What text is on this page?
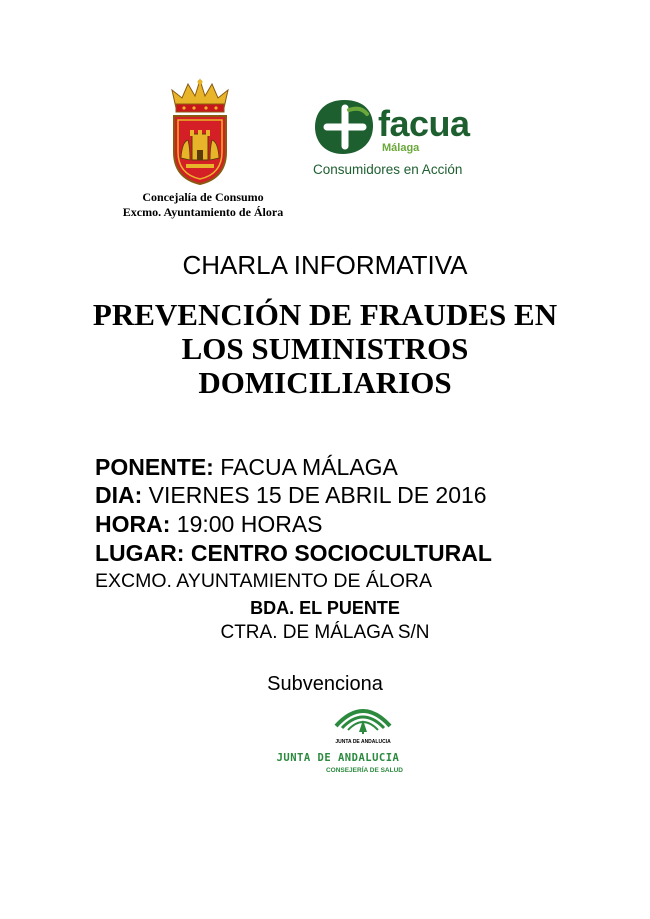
Concejalía de Consumo
Excmo. Ayuntamiento de Álora
facua
Málaga
Consumidores en Acción
CHARLA INFORMATIVA
PREVENCIÓN DE FRAUDES EN
LOS SUMINISTROS
DOMICILIARIOS
PONENTE: FACUA MÁLAGA
DIA: VIERNES 15 DE ABRIL DE 2016
HORA: 19:00 HORAS
LUGAR: CENTRO SOCIOCULTURAL
EXCMO. AYUNTAMIENTO DE ÁLORA
BDA. EL PUENTE
CTRA. DE MÁLAGA S/N
Subvenciona
JUNTA DE ANDALUCIA
JUNTA DE ANDALUCIA
CONSEJERÍA DE SALUD
